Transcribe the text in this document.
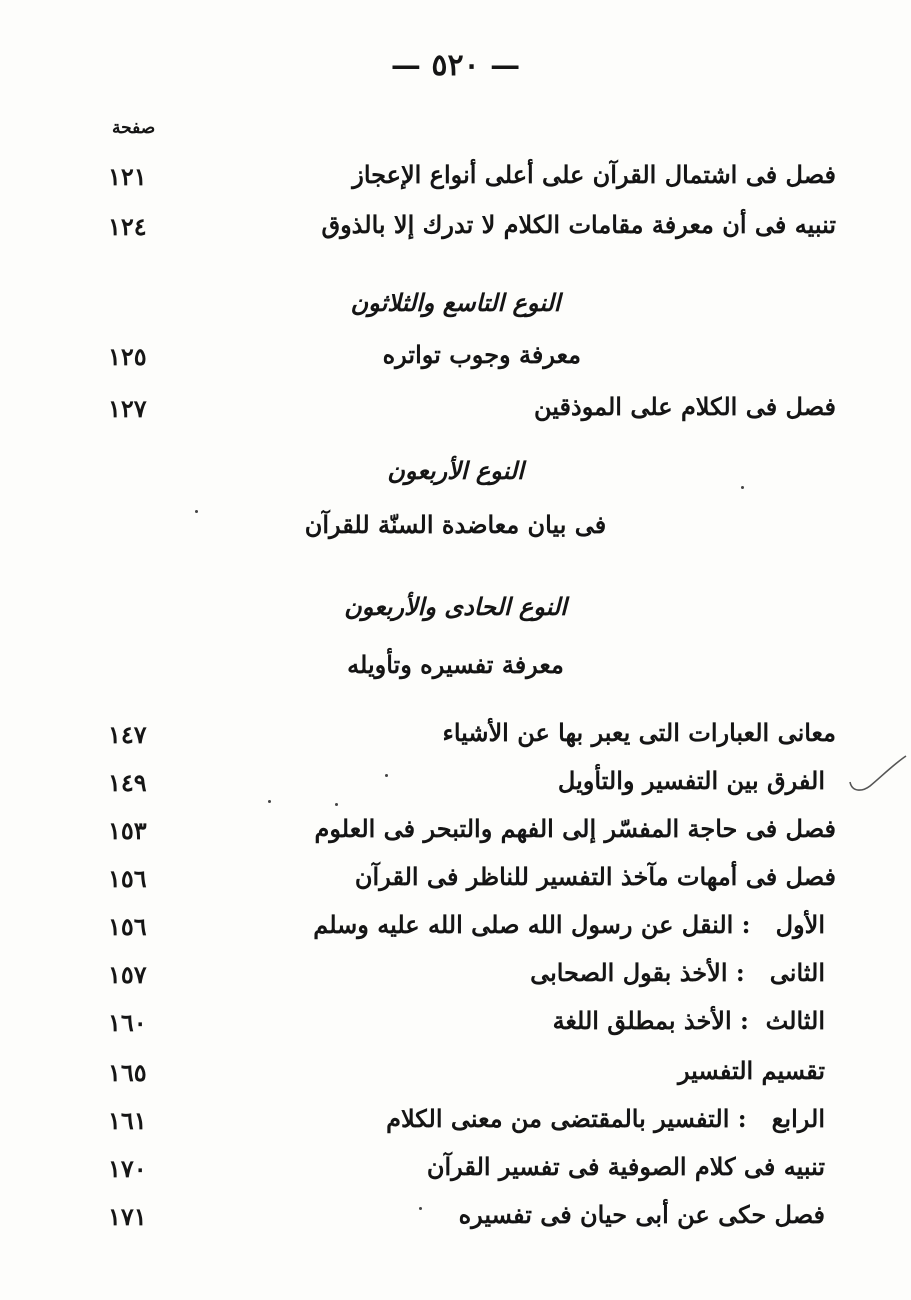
— ٥٢٠ —
صفحة
فصل فى اشتمال القرآن على أعلى أنواع الإعجاز
١٢١
تنبيه فى أن معرفة مقامات الكلام لا تدرك إلا بالذوق
١٢٤
النوع التاسع والثلاثون
معرفة وجوب تواتره
١٢٥
فصل فى الكلام على الموذقين
١٢٧
النوع الأربعون
فى بيان معاضدة السنّة للقرآن
النوع الحادى والأربعون
معرفة تفسيره وتأويله
معانى العبارات التى يعبر بها عن الأشياء
١٤٧
الفرق بين التفسير والتأويل
١٤٩
فصل فى حاجة المفسّر إلى الفهم والتبحر فى العلوم
١٥٣
فصل فى أمهات مآخذ التفسير للناظر فى القرآن
١٥٦
الأول   : النقل عن رسول الله صلى الله عليه وسلم
١٥٦
الثانى   : الأخذ بقول الصحابى
١٥٧
الثالث  : الأخذ بمطلق اللغة
١٦٠
تقسيم التفسير
١٦٥
الرابع   : التفسير بالمقتضى من معنى الكلام
١٦١
تنبيه فى كلام الصوفية فى تفسير القرآن
١٧٠
فصل حكى عن أبى حيان فى تفسيره
١٧١
